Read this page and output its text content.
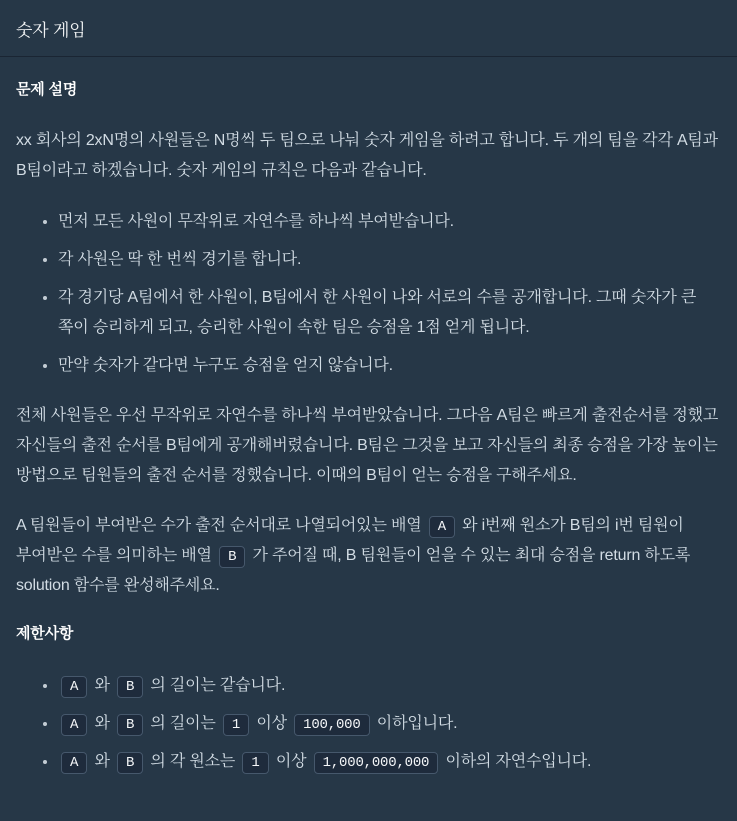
숫자 게임
문제 설명

xx 회사의 2xN명의 사원들은 N명씩 두 팀으로 나눠 숫자 게임을 하려고 합니다. 두 개의 팀을 각각 A팀과 B팀이라고 하겠습니다. 숫자 게임의 규칙은 다음과 같습니다.

• 먼저 모든 사원이 무작위로 자연수를 하나씩 부여받습니다.
• 각 사원은 딱 한 번씩 경기를 합니다.
• 각 경기당 A팀에서 한 사원이, B팀에서 한 사원이 나와 서로의 수를 공개합니다. 그때 숫자가 큰 쪽이 승리하게 되고, 승리한 사원이 속한 팀은 승점을 1점 얻게 됩니다.
• 만약 숫자가 같다면 누구도 승점을 얻지 않습니다.

전체 사원들은 우선 무작위로 자연수를 하나씩 부여받았습니다. 그다음 A팀은 빠르게 출전순서를 정했고 자신들의 출전 순서를 B팀에게 공개해버렸습니다. B팀은 그것을 보고 자신들의 최종 승점을 가장 높이는 방법으로 팀원들의 출전 순서를 정했습니다. 이때의 B팀이 얻는 승점을 구해주세요.

A 팀원들이 부여받은 수가 출전 순서대로 나열되어있는 배열 A 와 i번째 원소가 B팀의 i번 팀원이 부여받은 수를 의미하는 배열 B 가 주어질 때, B 팀원들이 얻을 수 있는 최대 승점을 return 하도록 solution 함수를 완성해주세요.

제한사항
• A 와 B 의 길이는 같습니다.
• A 와 B 의 길이는 1 이상 100,000 이하입니다.
• A 와 B 의 각 원소는 1 이상 1,000,000,000 이하의 자연수입니다.
